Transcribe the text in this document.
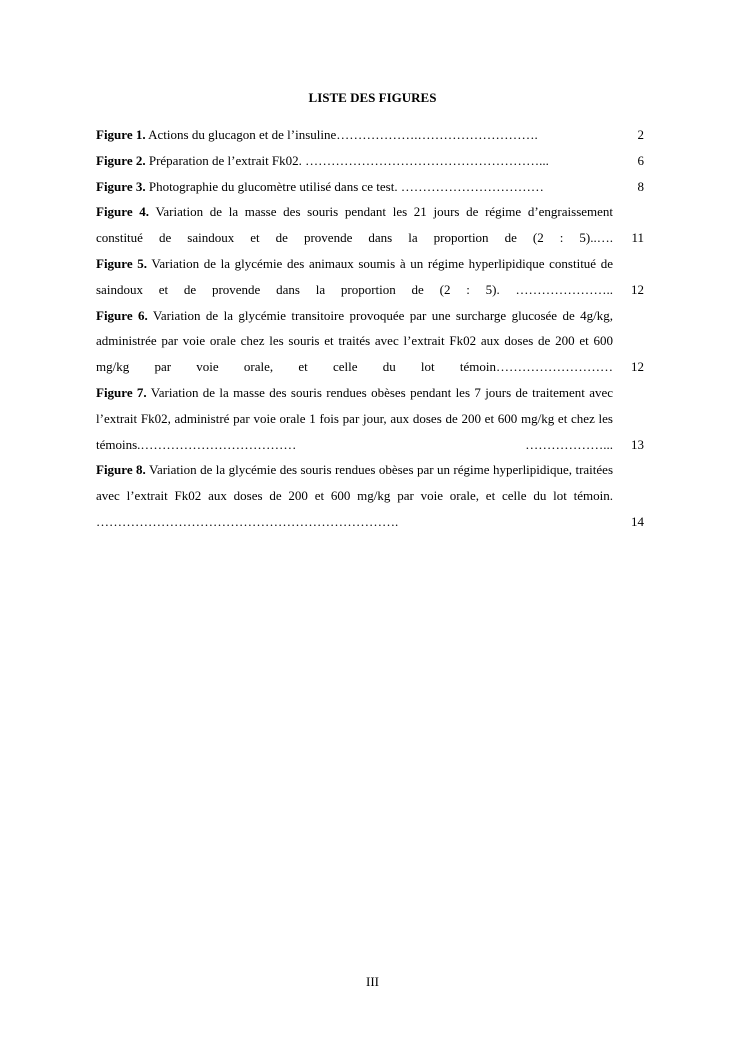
LISTE DES FIGURES
Figure 1. Actions du glucagon et de l’insuline……………….……………………….	2
Figure 2. Préparation de l’extrait Fk02. ………………………………………………...	6
Figure 3. Photographie du glucomètre utilisé dans ce test. ……………………………	8
Figure 4. Variation de la masse des souris pendant les 21 jours de régime d’engraissement constitué de saindoux et de provende dans la proportion de (2 : 5)..….	11
Figure 5. Variation de la glycémie des animaux soumis à un régime hyperlipidique constitué de saindoux et de provende dans la proportion de (2 : 5). …………………..	12
Figure 6. Variation de la glycémie transitoire provoquée par une surcharge glucosée de 4g/kg, administrée par voie orale chez les souris et traités avec l’extrait Fk02 aux doses de 200 et 600 mg/kg par voie orale, et celle du lot témoin………………………	12
Figure 7. Variation de la masse des souris rendues obèses pendant les 7 jours de traitement avec l’extrait Fk02, administré par voie orale 1 fois par jour, aux doses de 200 et 600 mg/kg et chez les témoins.……………………………… ………………...	13
Figure 8. Variation de la glycémie des souris rendues obèses par un régime hyperlipidique, traitées avec l’extrait Fk02 aux doses de 200 et 600 mg/kg par voie orale, et celle du lot témoin. …………………………………………………………….	14
III
